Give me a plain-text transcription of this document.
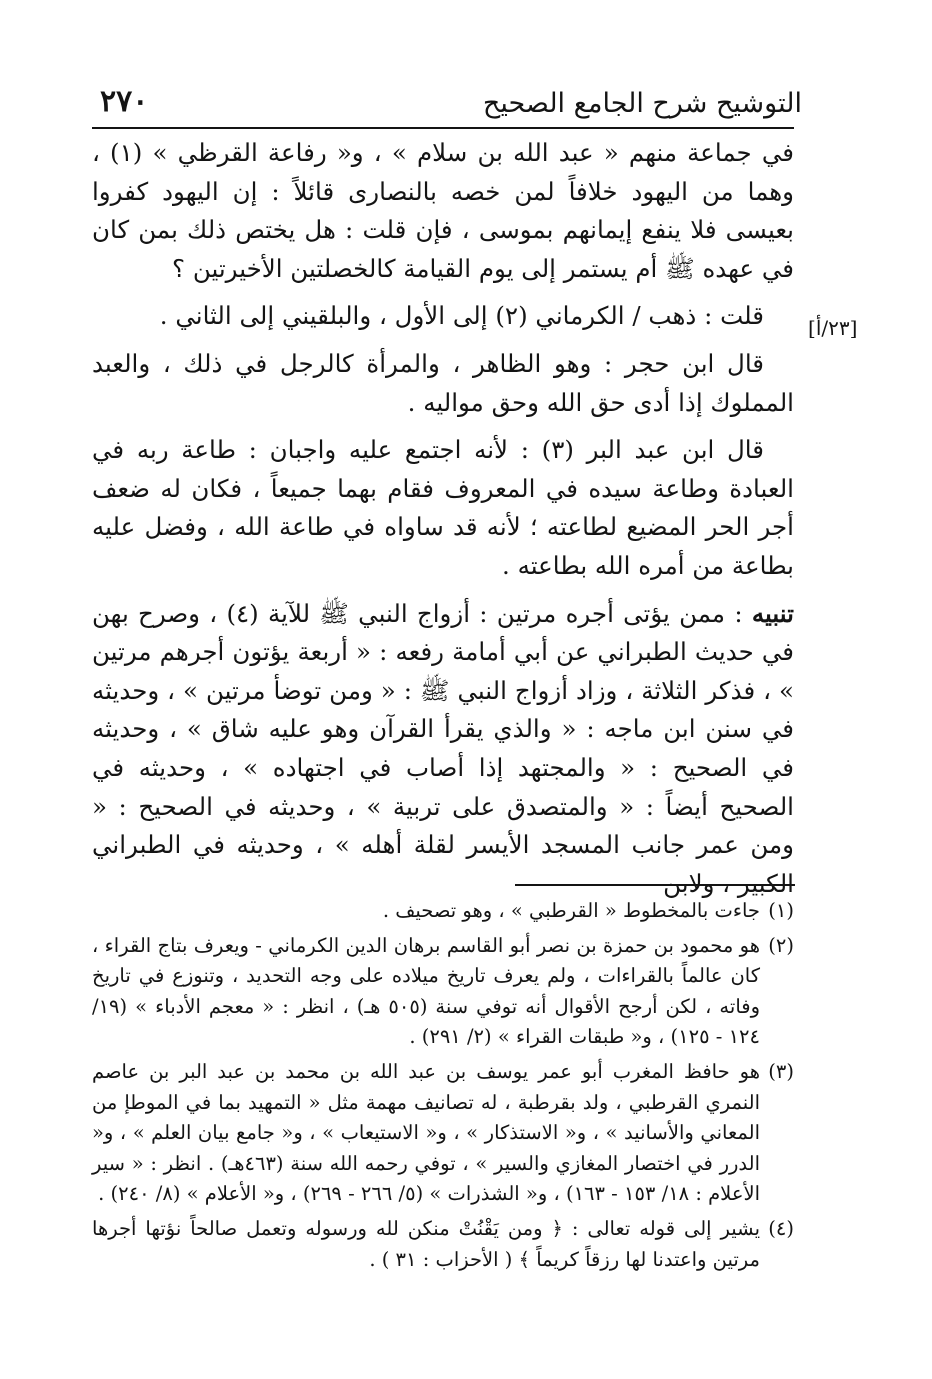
٢٧٠	التوشيح شرح الجامع الصحيح
[٢٣/أ]

في جماعة منهم « عبد الله بن سلام » ، و« رفاعة القرظي » (١) ، وهما من اليهود خلافاً لمن خصه بالنصارى قائلاً : إن اليهود كفروا بعيسى فلا ينفع إيمانهم بموسى ، فإن قلت : هل يختص ذلك بمن كان في عهده ﷺ أم يستمر إلى يوم القيامة كالخصلتين الأخيرتين ؟

قلت : ذهب / الكرماني (٢) إلى الأول ، والبلقيني إلى الثاني .

قال ابن حجر : وهو الظاهر ، والمرأة كالرجل في ذلك ، والعبد المملوك إذا أدى حق الله وحق مواليه .

قال ابن عبد البر (٣) : لأنه اجتمع عليه واجبان : طاعة ربه في العبادة وطاعة سيده في المعروف فقام بهما جميعاً ، فكان له ضعف أجر الحر المضيع لطاعته ؛ لأنه قد ساواه في طاعة الله ، وفضل عليه بطاعة من أمره الله بطاعته .

تنبيه : ممن يؤتى أجره مرتين : أزواج النبي ﷺ للآية (٤) ، وصرح بهن في حديث الطبراني عن أبي أمامة رفعه : « أربعة يؤتون أجرهم مرتين » ، فذكر الثلاثة ، وزاد أزواج النبي ﷺ : « ومن توضأ مرتين » ، وحديثه في سنن ابن ماجه : « والذي يقرأ القرآن وهو عليه شاق » ، وحديثه في الصحيح : « والمجتهد إذا أصاب في اجتهاده » ، وحديثه في الصحيح أيضاً : « والمتصدق على تربية » ، وحديثه في الصحيح : « ومن عمر جانب المسجد الأيسر لقلة أهله » ، وحديثه في الطبراني الكبير ، ولابن

(١)
جاءت بالمخطوط « القرطبي » ، وهو تصحيف .
(٢)
هو محمود بن حمزة بن نصر أبو القاسم برهان الدين الكرماني - ويعرف بتاج القراء ، كان عالماً بالقراءات ، ولم يعرف تاريخ ميلاده على وجه التحديد ، وتنوزع في تاريخ وفاته ، لكن أرجح الأقوال أنه توفي سنة (٥٠٥ هـ) ، انظر : « معجم الأدباء » (١٩/ ١٢٤ - ١٢٥) ، و« طبقات القراء » (٢/ ٢٩١) .
(٣)
هو حافظ المغرب أبو عمر يوسف بن عبد الله بن محمد بن عبد البر بن عاصم النمري القرطبي ، ولد بقرطبة ، له تصانيف مهمة مثل « التمهيد بما في الموطإ من المعاني والأسانيد » ، و« الاستذكار » ، و« الاستيعاب » ، و« جامع بيان العلم » ، و« الدرر في اختصار المغازي والسير » ، توفي رحمه الله سنة (٤٦٣هـ) . انظر : « سير الأعلام : ١٨/ ١٥٣ - ١٦٣) ، و« الشذرات » (٥/ ٢٦٦ - ٢٦٩) ، و« الأعلام » (٨/ ٢٤٠) .
(٤)
يشير إلى قوله تعالى : ﴿ ومن يَقْنُتْ منكن لله ورسوله وتعمل صالحاً نؤتها أجرها مرتين واعتدنا لها رزقاً كريماً ﴾ ( الأحزاب : ٣١ ) .
